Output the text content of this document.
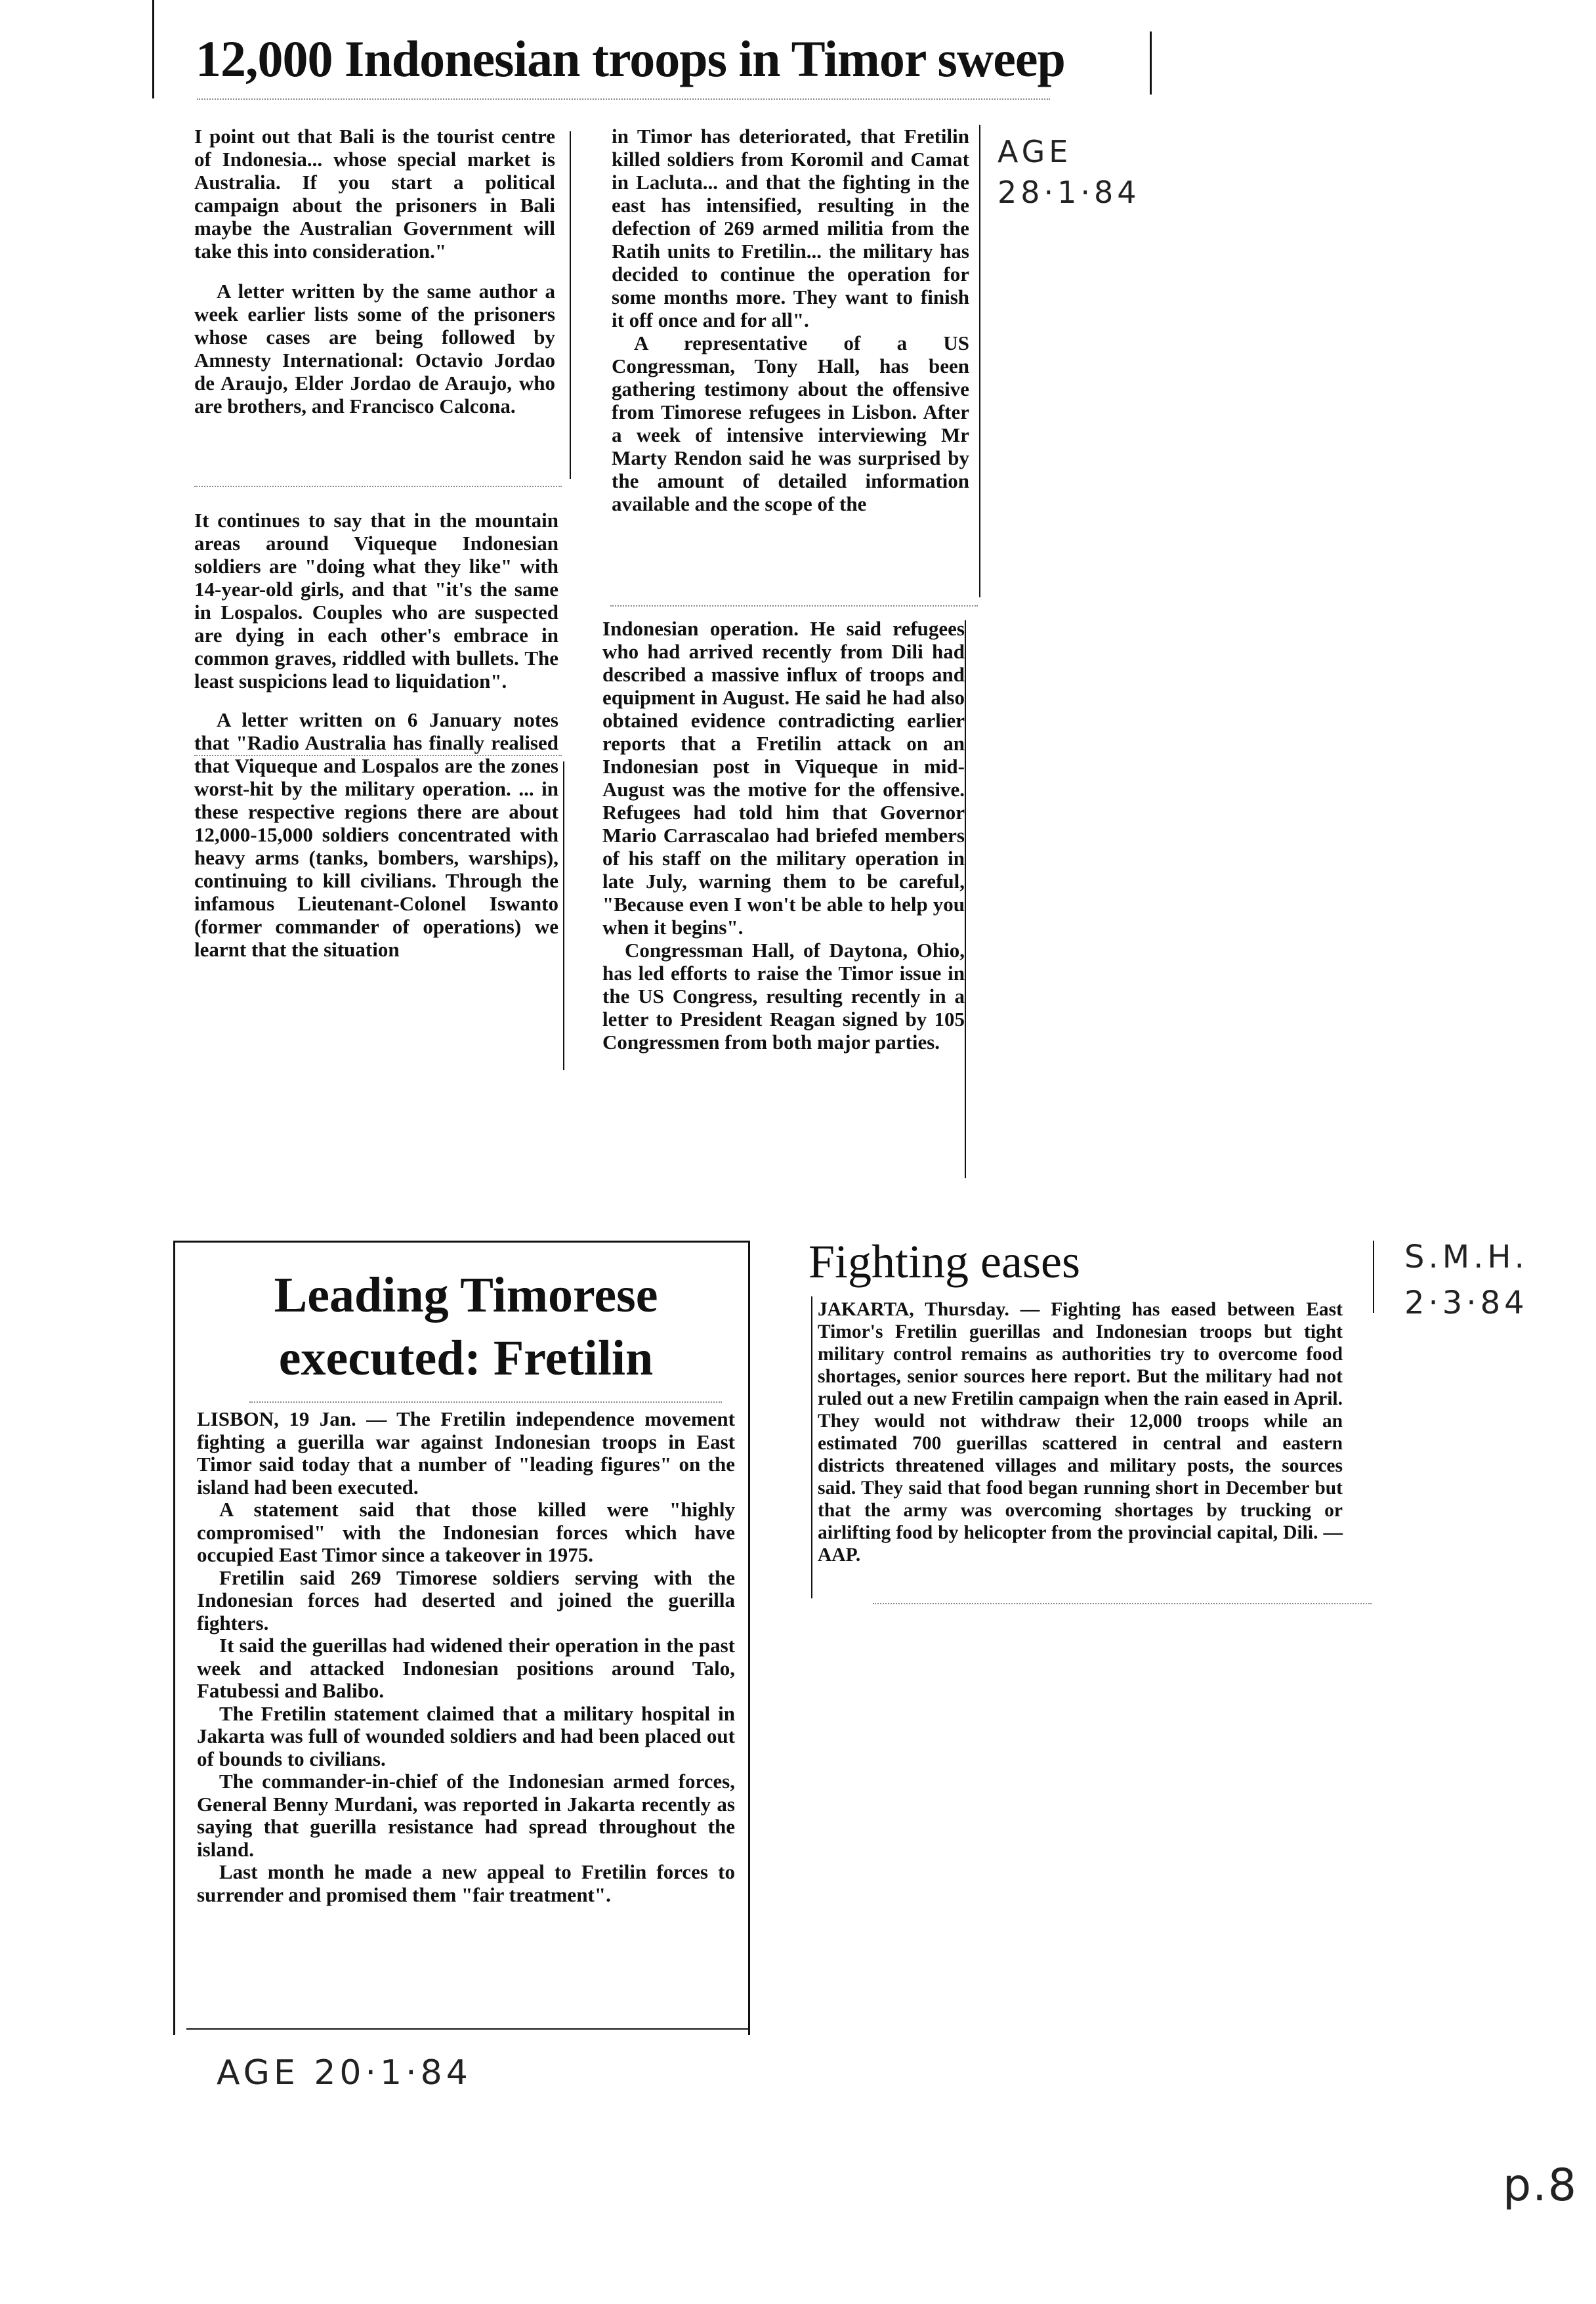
12,000 Indonesian troops in Timor sweep

I point out that Bali is the tourist centre of Indonesia... whose special market is Australia. If you start a political campaign about the prisoners in Bali maybe the Australian Government will take this into consideration."

A letter written by the same author a week earlier lists some of the prisoners whose cases are being followed by Amnesty International: Octavio Jordao de Araujo, Elder Jordao de Araujo, who are brothers, and Francisco Calcona.

It continues to say that in the mountain areas around Viqueque Indonesian soldiers are "doing what they like" with 14-year-old girls, and that "it's the same in Lospalos. Couples who are suspected are dying in each other's embrace in common graves, riddled with bullets. The least suspicions lead to liquidation".

A letter written on 6 January notes that "Radio Australia has finally realised that Viqueque and Lospalos are the zones worst-hit by the military operation. ... in these respective regions there are about 12,000-15,000 soldiers concentrated with heavy arms (tanks, bombers, warships), continuing to kill civilians. Through the infamous Lieutenant-Colonel Iswanto (former commander of operations) we learnt that the situation

in Timor has deteriorated, that Fretilin killed soldiers from Koromil and Camat in Lacluta... and that the fighting in the east has intensified, resulting in the defection of 269 armed militia from the Ratih units to Fretilin... the military has decided to continue the operation for some months more. They want to finish it off once and for all".

A representative of a US Congressman, Tony Hall, has been gathering testimony about the offensive from Timorese refugees in Lisbon. After a week of intensive interviewing Mr Marty Rendon said he was surprised by the amount of detailed information available and the scope of the

Indonesian operation. He said refugees who had arrived recently from Dili had described a massive influx of troops and equipment in August. He said he had also obtained evidence contradicting earlier reports that a Fretilin attack on an Indonesian post in Viqueque in mid-August was the motive for the offensive. Refugees had told him that Governor Mario Carrascalao had briefed members of his staff on the military operation in late July, warning them to be careful, "Because even I won't be able to help you when it begins".

Congressman Hall, of Daytona, Ohio, has led efforts to raise the Timor issue in the US Congress, resulting recently in a letter to President Reagan signed by 105 Congressmen from both major parties.

AGE 28·1·84
Leading Timorese
executed: Fretilin

LISBON, 19 Jan. — The Fretilin independence movement fighting a guerilla war against Indonesian troops in East Timor said today that a number of "leading figures" on the island had been executed.

A statement said that those killed were "highly compromised" with the Indonesian forces which have occupied East Timor since a takeover in 1975.

Fretilin said 269 Timorese soldiers serving with the Indonesian forces had deserted and joined the guerilla fighters.

It said the guerillas had widened their operation in the past week and attacked Indonesian positions around Talo, Fatubessi and Balibo.

The Fretilin statement claimed that a military hospital in Jakarta was full of wounded soldiers and had been placed out of bounds to civilians.

The commander-in-chief of the Indonesian armed forces, General Benny Murdani, was reported in Jakarta recently as saying that guerilla resistance had spread throughout the island.

Last month he made a new appeal to Fretilin forces to surrender and promised them "fair treatment".

AGE 20·1·84
Fighting eases
JAKARTA, Thursday. — Fighting has eased between East Timor's Fretilin guerillas and Indonesian troops but tight military control remains as authorities try to overcome food shortages, senior sources here report. But the military had not ruled out a new Fretilin campaign when the rain eased in April. They would not withdraw their 12,000 troops while an estimated 700 guerillas scattered in central and eastern districts threatened villages and military posts, the sources said. They said that food began running short in December but that the army was overcoming shortages by trucking or airlifting food by helicopter from the provincial capital, Dili. — AAP.
S.M.H.
2·3·84
p.8
